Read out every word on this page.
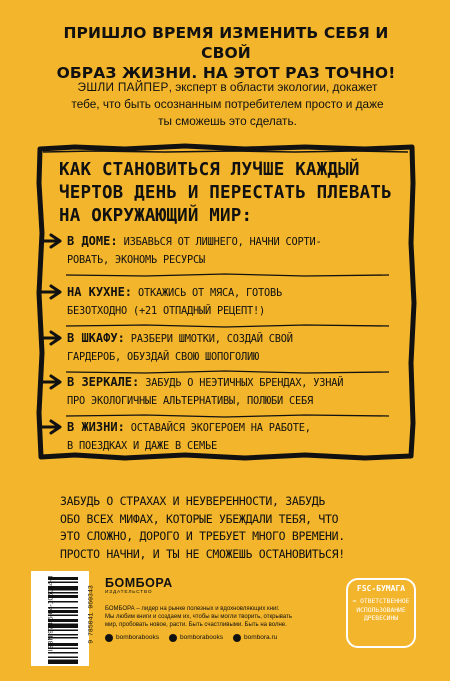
ПРИШЛО ВРЕМЯ ИЗМЕНИТЬ СЕБЯ И СВОЙ
ОБРАЗ ЖИЗНИ. НА ЭТОТ РАЗ ТОЧНО!
ЭШЛИ ПАЙПЕР, эксперт в области экологии, докажет
тебе, что быть осознанным потребителем просто и даже
ты сможешь это сделать.
КАК СТАНОВИТЬСЯ ЛУЧШЕ КАЖДЫЙ
ЧЕРТОВ ДЕНЬ И ПЕРЕСТАТЬ ПЛЕВАТЬ
НА ОКРУЖАЮЩИЙ МИР:
В ДОМЕ: ИЗБАВЬСЯ ОТ ЛИШНЕГО, НАЧНИ СОРТИ-
РОВАТЬ, ЭКОНОМЬ РЕСУРСЫ
НА КУХНЕ: ОТКАЖИСЬ ОТ МЯСА, ГОТОВЬ
БЕЗОТХОДНО (+21 ОТПАДНЫЙ РЕЦЕПТ!)
В ШКАФУ: РАЗБЕРИ ШМОТКИ, СОЗДАЙ СВОЙ
ГАРДЕРОБ, ОБУЗДАЙ СВОЮ ШОПОГОЛИЮ
В ЗЕРКАЛЕ: ЗАБУДЬ О НЕЭТИЧНЫХ БРЕНДАХ, УЗНАЙ
ПРО ЭКОЛОГИЧНЫЕ АЛЬТЕРНАТИВЫ, ПОЛЮБИ СЕБЯ
В ЖИЗНИ: ОСТАВАЙСЯ ЭКОГЕРОЕМ НА РАБОТЕ,
В ПОЕЗДКАХ И ДАЖЕ В СЕМЬЕ
ЗАБУДЬ О СТРАХАХ И НЕУВЕРЕННОСТИ, ЗАБУДЬ
ОБО ВСЕХ МИФАХ, КОТОРЫЕ УБЕЖДАЛИ ТЕБЯ, ЧТО
ЭТО СЛОЖНО, ДОРОГО И ТРЕБУЕТ МНОГО ВРЕМЕНИ.
ПРОСТО НАЧНИ, И ТЫ НЕ СМОЖЕШЬ ОСТАНОВИТЬСЯ!
ISBN 978-5-04-106034-3	9 785041 060343
БОМБОРА
ИЗДАТЕЛЬСТВО
БОМБОРА – лидер на рынке полезных и вдохновляющих книг.
Мы любим книги и создаем их, чтобы вы могли творить, открывать
мир, пробовать новое, расти. Быть счастливыми. Быть на волне.
bomborabooks	bomborabooks	bombora.ru
FSC-БУМАГА
= ОТВЕТСТВЕННОЕ
ИСПОЛЬЗОВАНИЕ
ДРЕВЕСИНЫ
